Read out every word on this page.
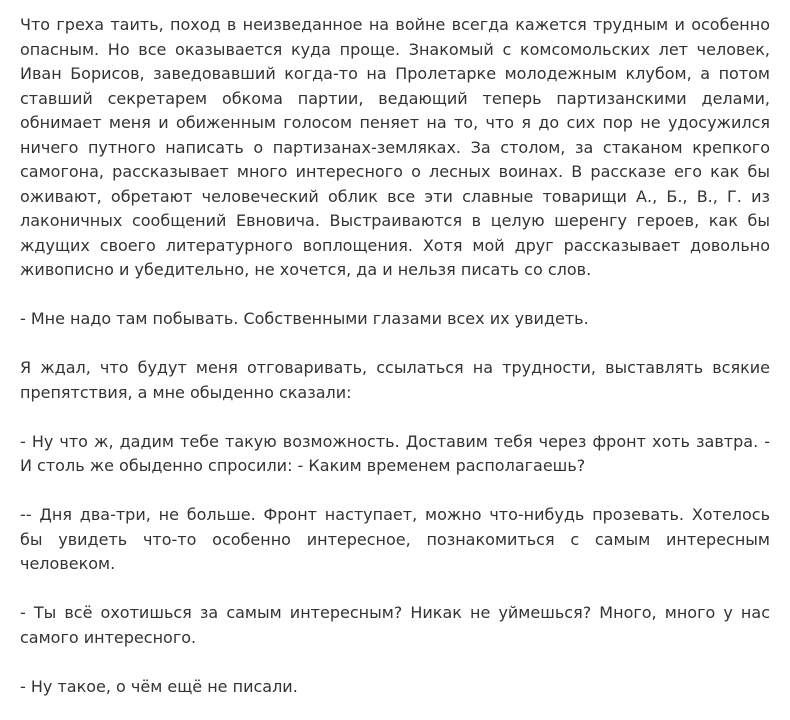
Что греха таить, поход в неизведанное на войне всегда кажется трудным и особенно опасным. Но все оказывается куда проще. Знакомый с комсомольских лет человек, Иван Борисов, заведовавший когда-то на Пролетарке молодежным клубом, а потом ставший секретарем обкома партии, ведающий теперь партизанскими делами, обнимает меня и обиженным голосом пеняет на то, что я до сих пор не удосужился ничего путного написать о партизанах-земляках. За столом, за стаканом крепкого самогона, рассказывает много интересного о лесных воинах. В рассказе его как бы оживают, обретают человеческий облик все эти славные товарищи А., Б., В., Г. из лаконичных сообщений Евновича. Выстраиваются в целую шеренгу героев, как бы ждущих своего литературного воплощения. Хотя мой друг рассказывает довольно живописно и убедительно, не хочется, да и нельзя писать со слов.

- Мне надо там побывать. Собственными глазами всех их увидеть.

Я ждал, что будут меня отговаривать, ссылаться на трудности, выставлять всякие препятствия, а мне обыденно сказали:

- Ну что ж, дадим тебе такую возможность. Доставим тебя через фронт хоть завтра. - И столь же обыденно спросили: - Каким временем располагаешь?

-- Дня два-три, не больше. Фронт наступает, можно что-нибудь прозевать. Хотелось бы увидеть что-то особенно интересное, познакомиться с самым интересным человеком.

- Ты всё охотишься за самым интересным? Никак не уймешься? Много, много у нас самого интересного.

- Ну такое, о чём ещё не писали.
